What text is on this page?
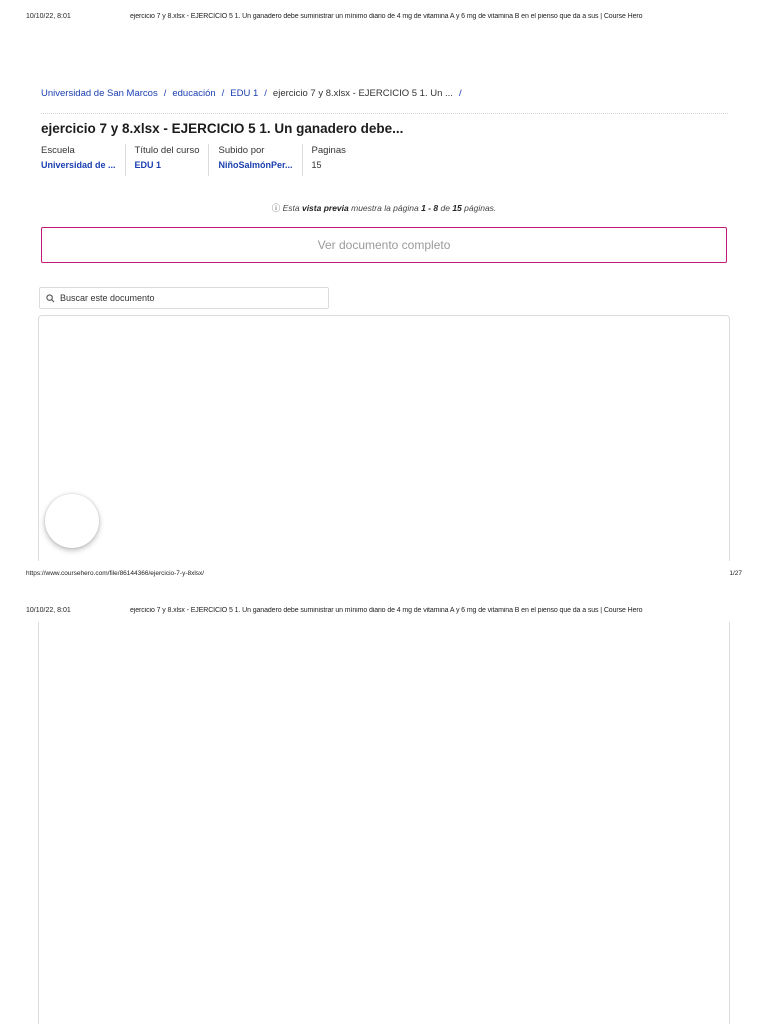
10/10/22, 8:01	ejercicio 7 y 8.xlsx - EJERCICIO 5 1. Un ganadero debe suministrar un mínimo diario de 4 mg de vitamina A y 6 mg de vitamina B en el pienso que da a sus | Course Hero
Universidad de San Marcos / educación / EDU 1 / ejercicio 7 y 8.xlsx - EJERCICIO 5 1. Un ... /
ejercicio 7 y 8.xlsx - EJERCICIO 5 1. Un ganadero debe...
Escuela
Universidad de ...
Título del curso
EDU 1
Subido por
NiñoSalmónPer...
Paginas
15
ⓘ Esta vista previa muestra la página 1 - 8 de 15 páginas.
Ver documento completo
Buscar este documento
https://www.coursehero.com/file/86144366/ejercicio-7-y-8xlsx/	1/27
10/10/22, 8:01	ejercicio 7 y 8.xlsx - EJERCICIO 5 1. Un ganadero debe suministrar un mínimo diario de 4 mg de vitamina A y 6 mg de vitamina B en el pienso que da a sus | Course Hero
